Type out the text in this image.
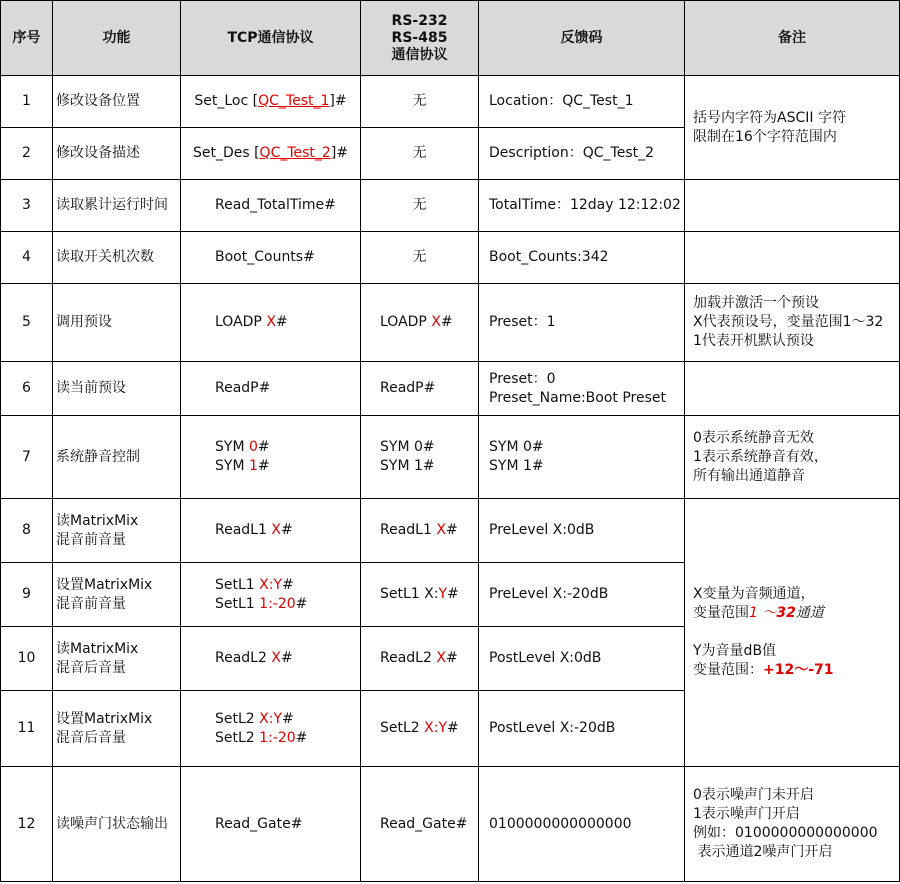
序号	功能	TCP通信协议	RS-232
RS-485
通信协议	反馈码	备注
1	修改设备位置	Set_Loc [QC_Test_1]#	无	Location：QC_Test_1	括号内字符为ASCII 字符
限制在16个字符范围内

2	修改设备描述	Set_Des [QC_Test_2]#	无	Description：QC_Test_2	
3	读取累计运行时间	Read_TotalTime#	无	TotalTime：12day 12:12:02	
4	读取开关机次数	Boot_Counts#	无	Boot_Counts:342	
5	调用预设	LOADP X#	LOADP X#	Preset：1	加载并激活一个预设
X代表预设号，变量范围1～32
1代表开机默认预设

6	读当前预设	ReadP#	ReadP#	Preset：0
Preset_Name:Boot Preset	

7	系统静音控制	SYM 0#
SYM 1#	SYM 0#
SYM 1#	SYM 0#
SYM 1#	0表示系统静音无效
1表示系统静音有效，
所有输出通道静音

8	读MatrixMix
混音前音量	ReadL1 X#	ReadL1 X#	PreLevel X:0dB	X变量为音频通道，
变量范围1 ～32通道

Y为音量dB值
变量范围：+12～-71

9	设置MatrixMix
混音前音量	SetL1 X:Y#
SetL1 1:-20#	SetL1 X:Y#	PreLevel X:-20dB	
10	读MatrixMix
混音后音量	ReadL2 X#	ReadL2 X#	PostLevel X:0dB	
11	设置MatrixMix
混音后音量	SetL2 X:Y#
SetL2 1:-20#	SetL2 X:Y#	PostLevel X:-20dB	
12	读噪声门状态输出	Read_Gate#	Read_Gate#	0100000000000000	0表示噪声门未开启
1表示噪声门开启
例如：0100000000000000
表示通道2噪声门开启
